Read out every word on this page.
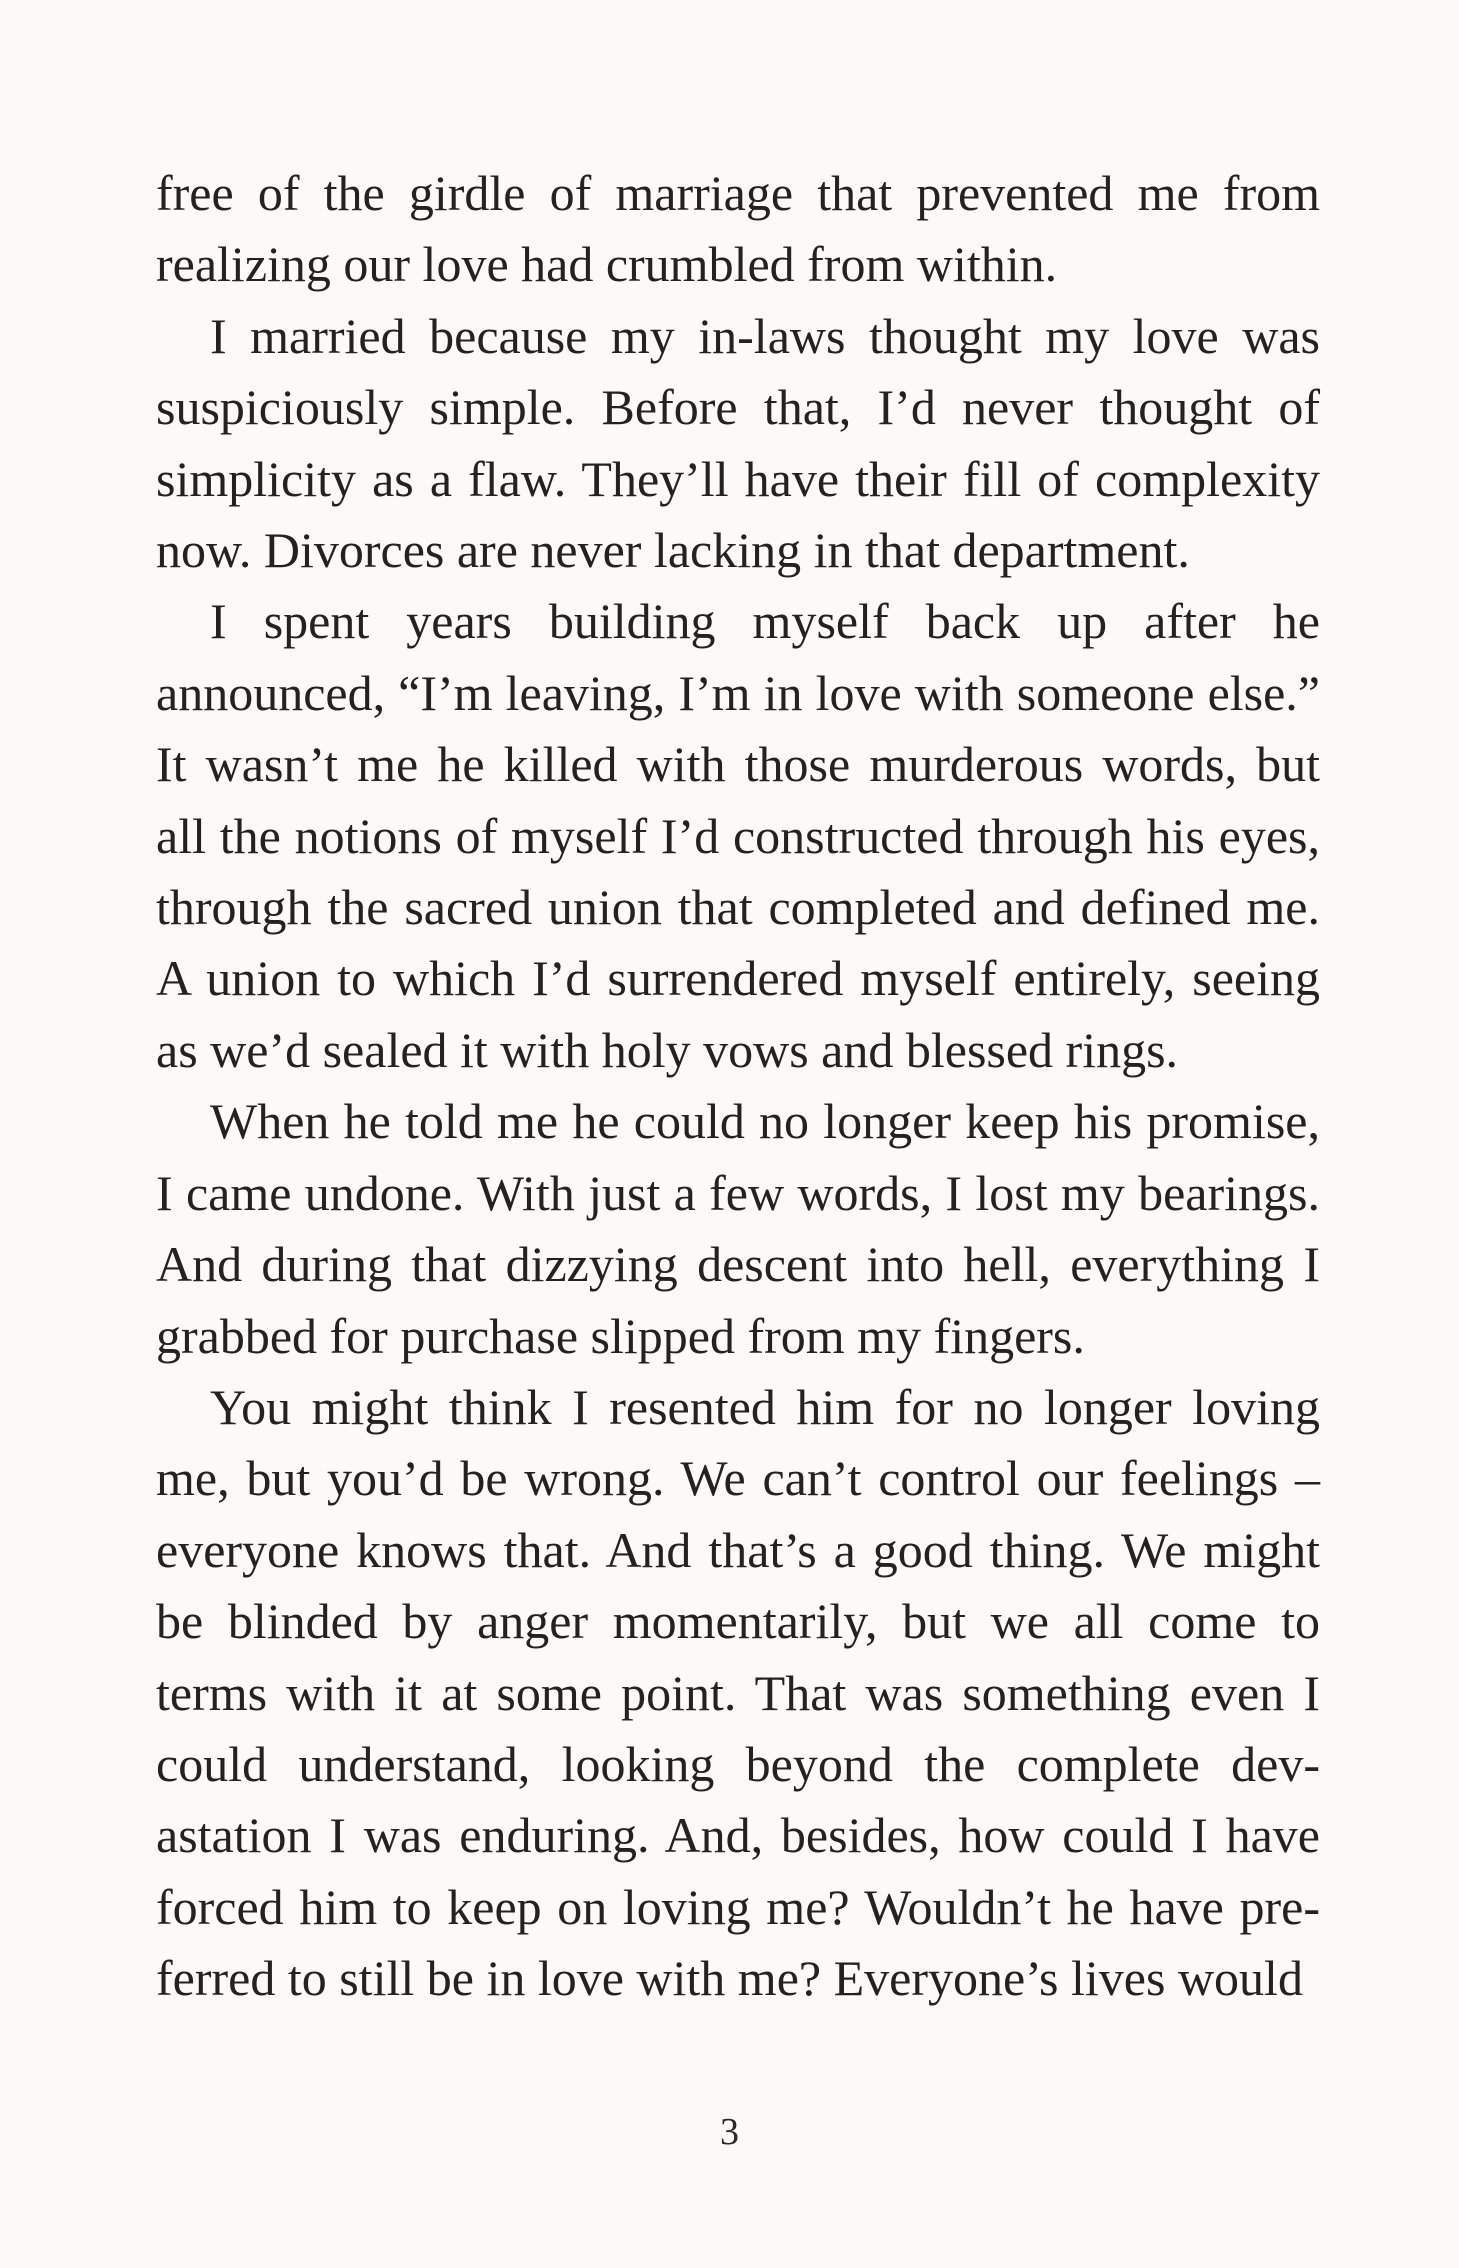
free of the girdle of marriage that prevented me from realizing our love had crumbled from within.

I married because my in-laws thought my love was suspiciously simple. Before that, I’d never thought of simplicity as a flaw. They’ll have their fill of complexity now. Divorces are never lacking in that department.

I spent years building myself back up after he announced, “I’m leaving, I’m in love with someone else.” It wasn’t me he killed with those murderous words, but all the notions of myself I’d constructed through his eyes, through the sacred union that completed and defined me. A union to which I’d surrendered myself entirely, seeing as we’d sealed it with holy vows and blessed rings.

When he told me he could no longer keep his promise, I came undone. With just a few words, I lost my bearings. And during that dizzying descent into hell, everything I grabbed for purchase slipped from my fingers.

You might think I resented him for no longer loving me, but you’d be wrong. We can’t control our feelings – everyone knows that. And that’s a good thing. We might be blinded by anger momentarily, but we all come to terms with it at some point. That was something even I could understand, looking beyond the complete devastation I was enduring. And, besides, how could I have forced him to keep on loving me? Wouldn’t he have preferred to still be in love with me? Everyone’s lives would

3
